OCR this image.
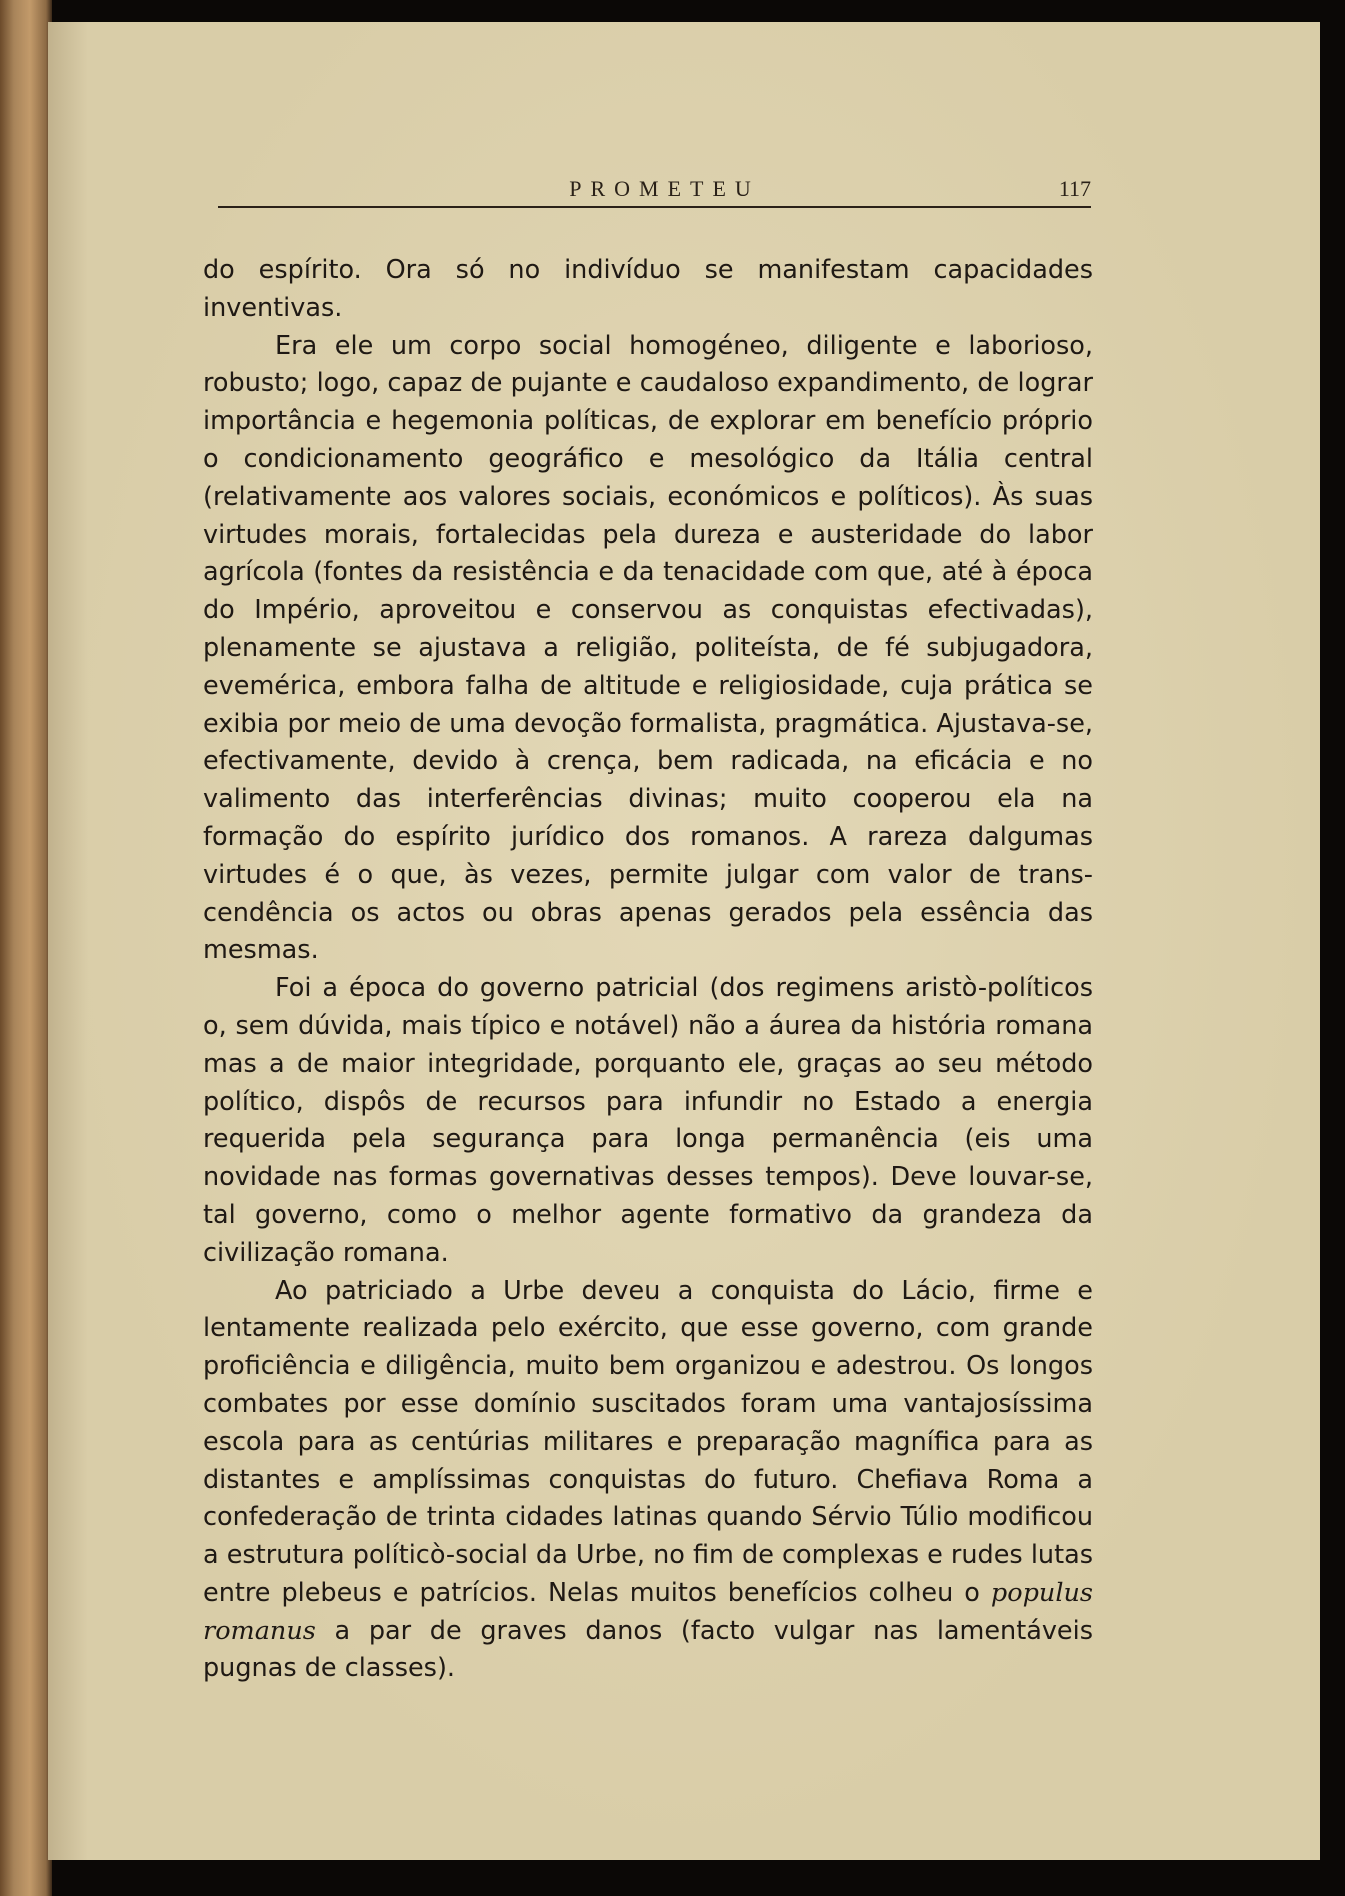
PROMETEU	117

do espírito. Ora só no indivíduo se manifestam capacidades inventivas.

Era ele um corpo social homogéneo, diligente e laborioso, robusto; logo, capaz de pujante e caudaloso expandimento, de lograr importância e hegemonia políticas, de explorar em benefício próprio o condicionamento geográfico e mesológico da Itália central (relativamente aos valores sociais, económicos e políticos). Às suas virtudes morais, fortalecidas pela dureza e austeridade do labor agrícola (fontes da resistência e da tenacidade com que, até à época do Império, aproveitou e conservou as conquistas efectivadas), plenamente se ajustava a religião, politeísta, de fé subjugadora, evemérica, embora falha de altitude e religiosidade, cuja prática se exibia por meio de uma devoção formalista, pragmática. Ajustava-se, efectivamente, devido à crença, bem radicada, na eficácia e no valimento das interferências divinas; muito cooperou ela na formação do espírito jurídico dos romanos. A rareza dalgumas virtudes é o que, às vezes, permite julgar com valor de transcendência os actos ou obras apenas gerados pela essência das mesmas.

Foi a época do governo patricial (dos regimens aristò-políticos o, sem dúvida, mais típico e notável) não a áurea da história romana mas a de maior integridade, porquanto ele, graças ao seu método político, dispôs de recursos para infundir no Estado a energia requerida pela segurança para longa permanência (eis uma novidade nas formas governativas desses tempos). Deve louvar-se, tal governo, como o melhor agente formativo da grandeza da civilização romana.

Ao patriciado a Urbe deveu a conquista do Lácio, firme e lentamente realizada pelo exército, que esse governo, com grande proficiência e diligência, muito bem organizou e adestrou. Os longos combates por esse domínio suscitados foram uma vantajosíssima escola para as centúrias militares e preparação magnífica para as distantes e amplíssimas conquistas do futuro. Chefiava Roma a confederação de trinta cidades latinas quando Sérvio Túlio modificou a estrutura políticò-social da Urbe, no fim de complexas e rudes lutas entre plebeus e patrícios. Nelas muitos benefícios colheu o populus romanus a par de graves danos (facto vulgar nas lamentáveis pugnas de classes).
